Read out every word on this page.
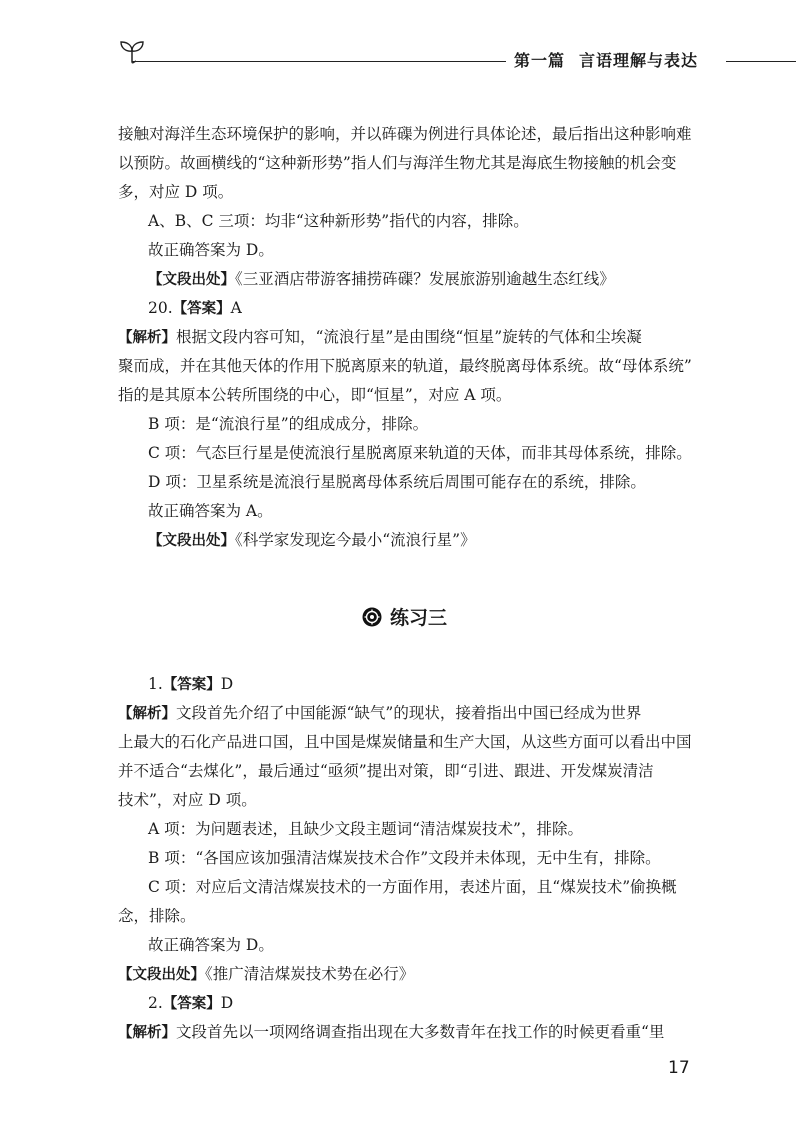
第一篇 言语理解与表达
接触对海洋生态环境保护的影响，并以砗磲为例进行具体论述，最后指出这种影响难
以预防。故画横线的“这种新形势”指人们与海洋生物尤其是海底生物接触的机会变
多，对应 D 项。
A、B、C 三项：均非“这种新形势”指代的内容，排除。
故正确答案为 D。
【文段出处】《三亚酒店带游客捕捞砗磲？发展旅游别逾越生态红线》
20.【答案】A
【解析】根据文段内容可知，“流浪行星”是由围绕“恒星”旋转的气体和尘埃凝
聚而成，并在其他天体的作用下脱离原来的轨道，最终脱离母体系统。故“母体系统”
指的是其原本公转所围绕的中心，即“恒星”，对应 A 项。
B 项：是“流浪行星”的组成成分，排除。
C 项：气态巨行星是使流浪行星脱离原来轨道的天体，而非其母体系统，排除。
D 项：卫星系统是流浪行星脱离母体系统后周围可能存在的系统，排除。
故正确答案为 A。
【文段出处】《科学家发现迄今最小“流浪行星”》
练习三
1.【答案】D
【解析】文段首先介绍了中国能源“缺气”的现状，接着指出中国已经成为世界
上最大的石化产品进口国，且中国是煤炭储量和生产大国，从这些方面可以看出中国
并不适合“去煤化”，最后通过“亟须”提出对策，即“引进、跟进、开发煤炭清洁
技术”，对应 D 项。
A 项：为问题表述，且缺少文段主题词“清洁煤炭技术”，排除。
B 项：“各国应该加强清洁煤炭技术合作”文段并未体现，无中生有，排除。
C 项：对应后文清洁煤炭技术的一方面作用，表述片面，且“煤炭技术”偷换概
念，排除。
故正确答案为 D。
【文段出处】《推广清洁煤炭技术势在必行》
2.【答案】D
【解析】文段首先以一项网络调查指出现在大多数青年在找工作的时候更看重“里
17
